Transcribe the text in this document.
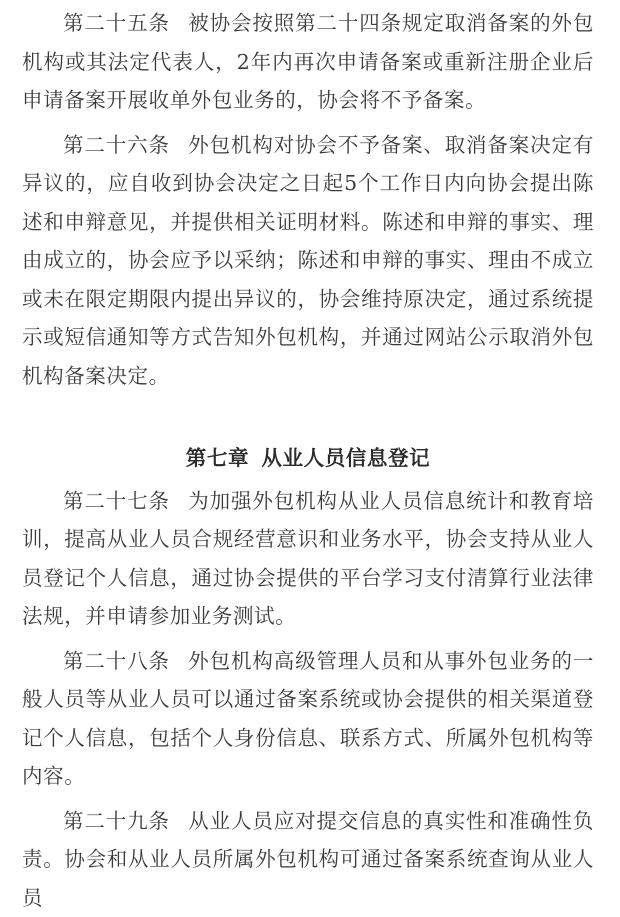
第二十五条 被协会按照第二十四条规定取消备案的外包机构或其法定代表人，2年内再次申请备案或重新注册企业后申请备案开展收单外包业务的，协会将不予备案。

第二十六条 外包机构对协会不予备案、取消备案决定有异议的，应自收到协会决定之日起5个工作日内向协会提出陈述和申辩意见，并提供相关证明材料。陈述和申辩的事实、理由成立的，协会应予以采纳；陈述和申辩的事实、理由不成立或未在限定期限内提出异议的，协会维持原决定，通过系统提示或短信通知等方式告知外包机构，并通过网站公示取消外包机构备案决定。

第七章 从业人员信息登记

第二十七条 为加强外包机构从业人员信息统计和教育培训，提高从业人员合规经营意识和业务水平，协会支持从业人员登记个人信息，通过协会提供的平台学习支付清算行业法律法规，并申请参加业务测试。

第二十八条 外包机构高级管理人员和从事外包业务的一般人员等从业人员可以通过备案系统或协会提供的相关渠道登记个人信息，包括个人身份信息、联系方式、所属外包机构等内容。

第二十九条 从业人员应对提交信息的真实性和准确性负责。协会和从业人员所属外包机构可通过备案系统查询从业人员
